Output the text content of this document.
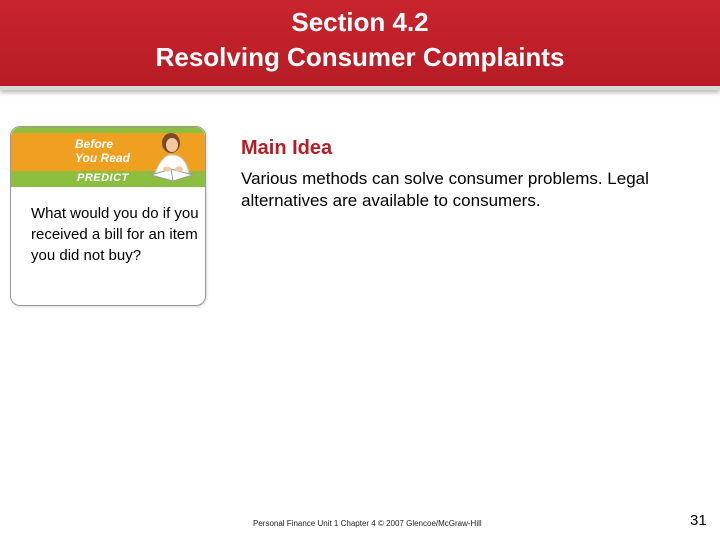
Section 4.2
Resolving Consumer Complaints
Before
You Read
PREDICT
What would you do if you received a bill for an item you did not buy?
Main Idea
Various methods can solve consumer problems. Legal alternatives are available to consumers.
Personal Finance Unit 1 Chapter 4 © 2007 Glencoe/McGraw-Hill	31
